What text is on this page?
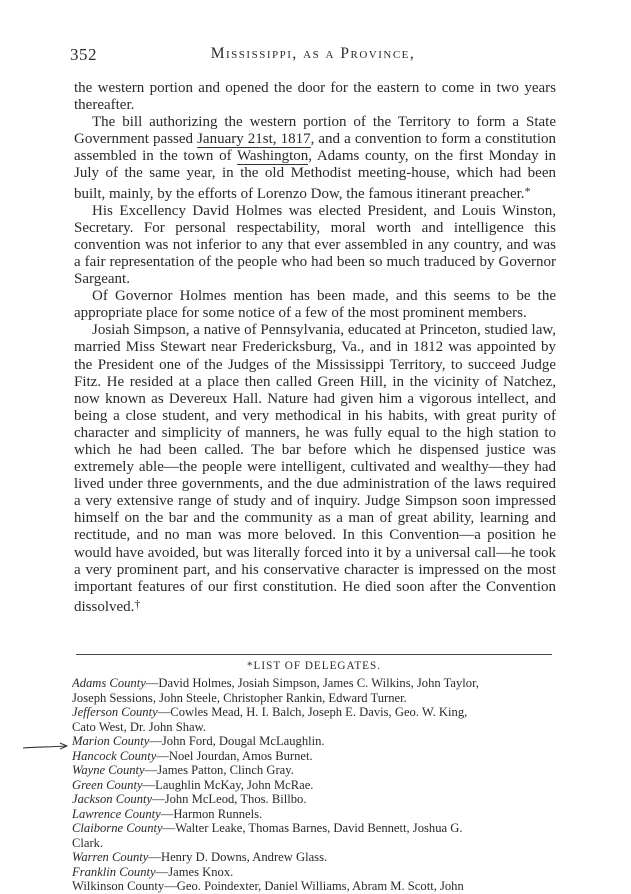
352	Mississippi, as a Province,

the western portion and opened the door for the eastern to come in two years thereafter.

The bill authorizing the western portion of the Territory to form a State Government passed January 21st, 1817, and a convention to form a constitution assembled in the town of Washington, Adams county, on the first Monday in July of the same year, in the old Methodist meeting-house, which had been built, mainly, by the efforts of Lorenzo Dow, the famous itinerant preacher.*

His Excellency David Holmes was elected President, and Louis Winston, Secretary. For personal respectability, moral worth and intelligence this convention was not inferior to any that ever assembled in any country, and was a fair representation of the people who had been so much traduced by Governor Sargeant.

Of Governor Holmes mention has been made, and this seems to be the appropriate place for some notice of a few of the most prominent members.

Josiah Simpson, a native of Pennsylvania, educated at Princeton, studied law, married Miss Stewart near Fredericksburg, Va., and in 1812 was appointed by the President one of the Judges of the Mississippi Territory, to succeed Judge Fitz. He resided at a place then called Green Hill, in the vicinity of Natchez, now known as Devereux Hall. Nature had given him a vigorous intellect, and being a close student, and very methodical in his habits, with great purity of character and simplicity of manners, he was fully equal to the high station to which he had been called. The bar before which he dispensed justice was extremely able—the people were intelligent, cultivated and wealthy—they had lived under three governments, and the due administration of the laws required a very extensive range of study and of inquiry. Judge Simpson soon impressed himself on the bar and the community as a man of great ability, learning and rectitude, and no man was more beloved. In this Convention—a position he would have avoided, but was literally forced into it by a universal call—he took a very prominent part, and his conservative character is impressed on the most important features of our first constitution. He died soon after the Convention dissolved.†

*LIST OF DELEGATES.

Adams County—David Holmes, Josiah Simpson, James C. Wilkins, John Taylor,

Joseph Sessions, John Steele, Christopher Rankin, Edward Turner.

Jefferson County—Cowles Mead, H. I. Balch, Joseph E. Davis, Geo. W. King,

Cato West, Dr. John Shaw.

Marion County—John Ford, Dougal McLaughlin.

Hancock County—Noel Jourdan, Amos Burnet.

Wayne County—James Patton, Clinch Gray.

Green County—Laughlin McKay, John McRae.

Jackson County—John McLeod, Thos. Billbo.

Lawrence County—Harmon Runnels.

Claiborne County—Walter Leake, Thomas Barnes, David Bennett, Joshua G.

Clark.

Warren County—Henry D. Downs, Andrew Glass.

Franklin County—James Knox.

Wilkinson County—Geo. Poindexter, Daniel Williams, Abram M. Scott, John
